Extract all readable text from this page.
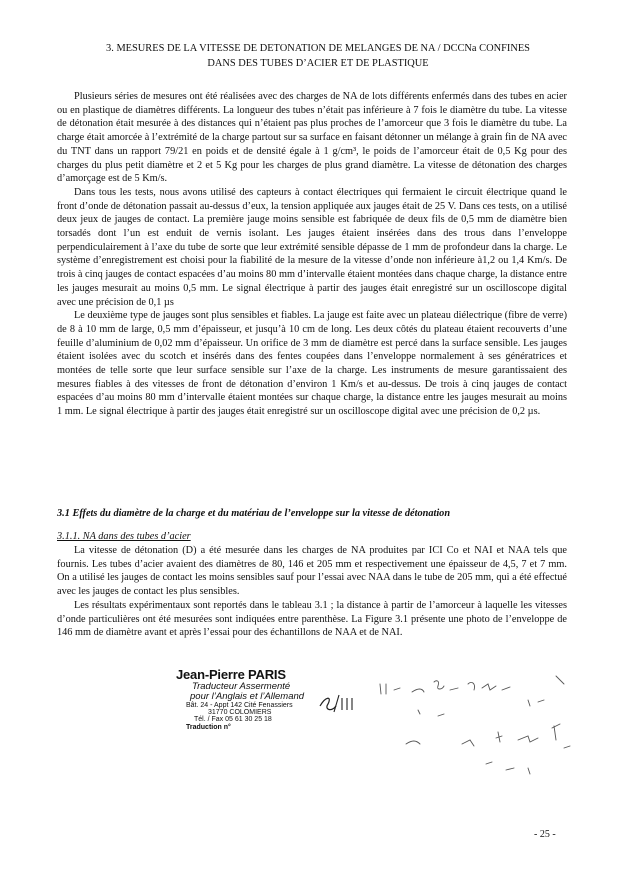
3. MESURES DE LA VITESSE DE DETONATION DE MELANGES DE NA / DCCNa CONFINES
DANS DES TUBES D’ACIER ET DE PLASTIQUE

Plusieurs séries de mesures ont été réalisées avec des charges de NA de lots différents enfermés dans des tubes en acier ou en plastique de diamètres différents. La longueur des tubes n’était pas inférieure à 7 fois le diamètre du tube. La vitesse de détonation était mesurée à des distances qui n’étaient pas plus proches de l’amorceur que 3 fois le diamètre du tube. La charge était amorcée à l’extrémité de la charge partout sur sa surface en faisant détonner un mélange à grain fin de NA avec du TNT dans un rapport 79/21 en poids et de densité égale à 1 g/cm³, le poids de l’amorceur était de 0,5 Kg pour des charges du plus petit diamètre et 2 et 5 Kg pour les charges de plus grand diamètre. La vitesse de détonation des charges d’amorçage est de 5 Km/s.

Dans tous les tests, nous avons utilisé des capteurs à contact électriques qui fermaient le circuit électrique quand le front d’onde de détonation passait au-dessus d’eux, la tension appliquée aux jauges était de 25 V. Dans ces tests, on a utilisé deux jeux de jauges de contact. La première jauge moins sensible est fabriquée de deux fils de 0,5 mm de diamètre bien torsadés dont l’un est enduit de vernis isolant. Les jauges étaient insérées dans des trous dans l’enveloppe perpendiculairement à l’axe du tube de sorte que leur extrémité sensible dépasse de 1 mm de profondeur dans la charge. Le système d’enregistrement est choisi pour la fiabilité de la mesure de la vitesse d’onde non inférieure à1,2 ou 1,4 Km/s. De trois à cinq jauges de contact espacées d’au moins 80 mm d’intervalle étaient montées dans chaque charge, la distance entre les jauges mesurait au moins 0,5 mm. Le signal électrique à partir des jauges était enregistré sur un oscilloscope digital avec une précision de 0,1 µs

Le deuxième type de jauges sont plus sensibles et fiables. La jauge est faite avec un plateau diélectrique (fibre de verre) de 8 à 10 mm de large, 0,5 mm d’épaisseur, et jusqu’à 10 cm de long. Les deux côtés du plateau étaient recouverts d’une feuille d’aluminium de 0,02 mm d’épaisseur. Un orifice de 3 mm de diamètre est percé dans la surface sensible. Les jauges étaient isolées avec du scotch et insérés dans des fentes coupées dans l’enveloppe normalement à ses génératrices et montées de telle sorte que leur surface sensible sur l’axe de la charge. Les instruments de mesure garantissaient des mesures fiables à des vitesses de front de détonation d’environ 1 Km/s et au-dessus. De trois à cinq jauges de contact espacées d’au moins 80 mm d’intervalle étaient montées sur chaque charge, la distance entre les jauges mesurait au moins 1 mm. Le signal électrique à partir des jauges était enregistré sur un oscilloscope digital avec une précision de 0,2 µs.

3.1 Effets du diamètre de la charge et du matériau de l’enveloppe sur la vitesse de détonation
3.1.1. NA dans des tubes d’acier

La vitesse de détonation (D) a été mesurée dans les charges de NA produites par ICI Co et NAI et NAA tels que fournis. Les tubes d’acier avaient des diamètres de 80, 146 et 205 mm et respectivement une épaisseur de 4,5, 7 et 7 mm. On a utilisé les jauges de contact les moins sensibles sauf pour l’essai avec NAA dans le tube de 205 mm, qui a été effectué avec les jauges de contact les plus sensibles.

Les résultats expérimentaux sont reportés dans le tableau 3.1 ; la distance à partir de l’amorceur à laquelle les vitesses d’onde particulières ont été mesurées sont indiquées entre parenthèse. La Figure 3.1 présente une photo de l’enveloppe de 146 mm de diamètre avant et après l’essai pour des échantillons de NAA et de NAI.

Jean-Pierre PARIS
Traducteur Assermenté
pour l’Anglais et l’Allemand
Bât. 24 - Appt 142 Cité Fenassiers
31770 COLOMIERS
Tél. / Fax 05 61 30 25 18
Traduction n°
- 25 -
